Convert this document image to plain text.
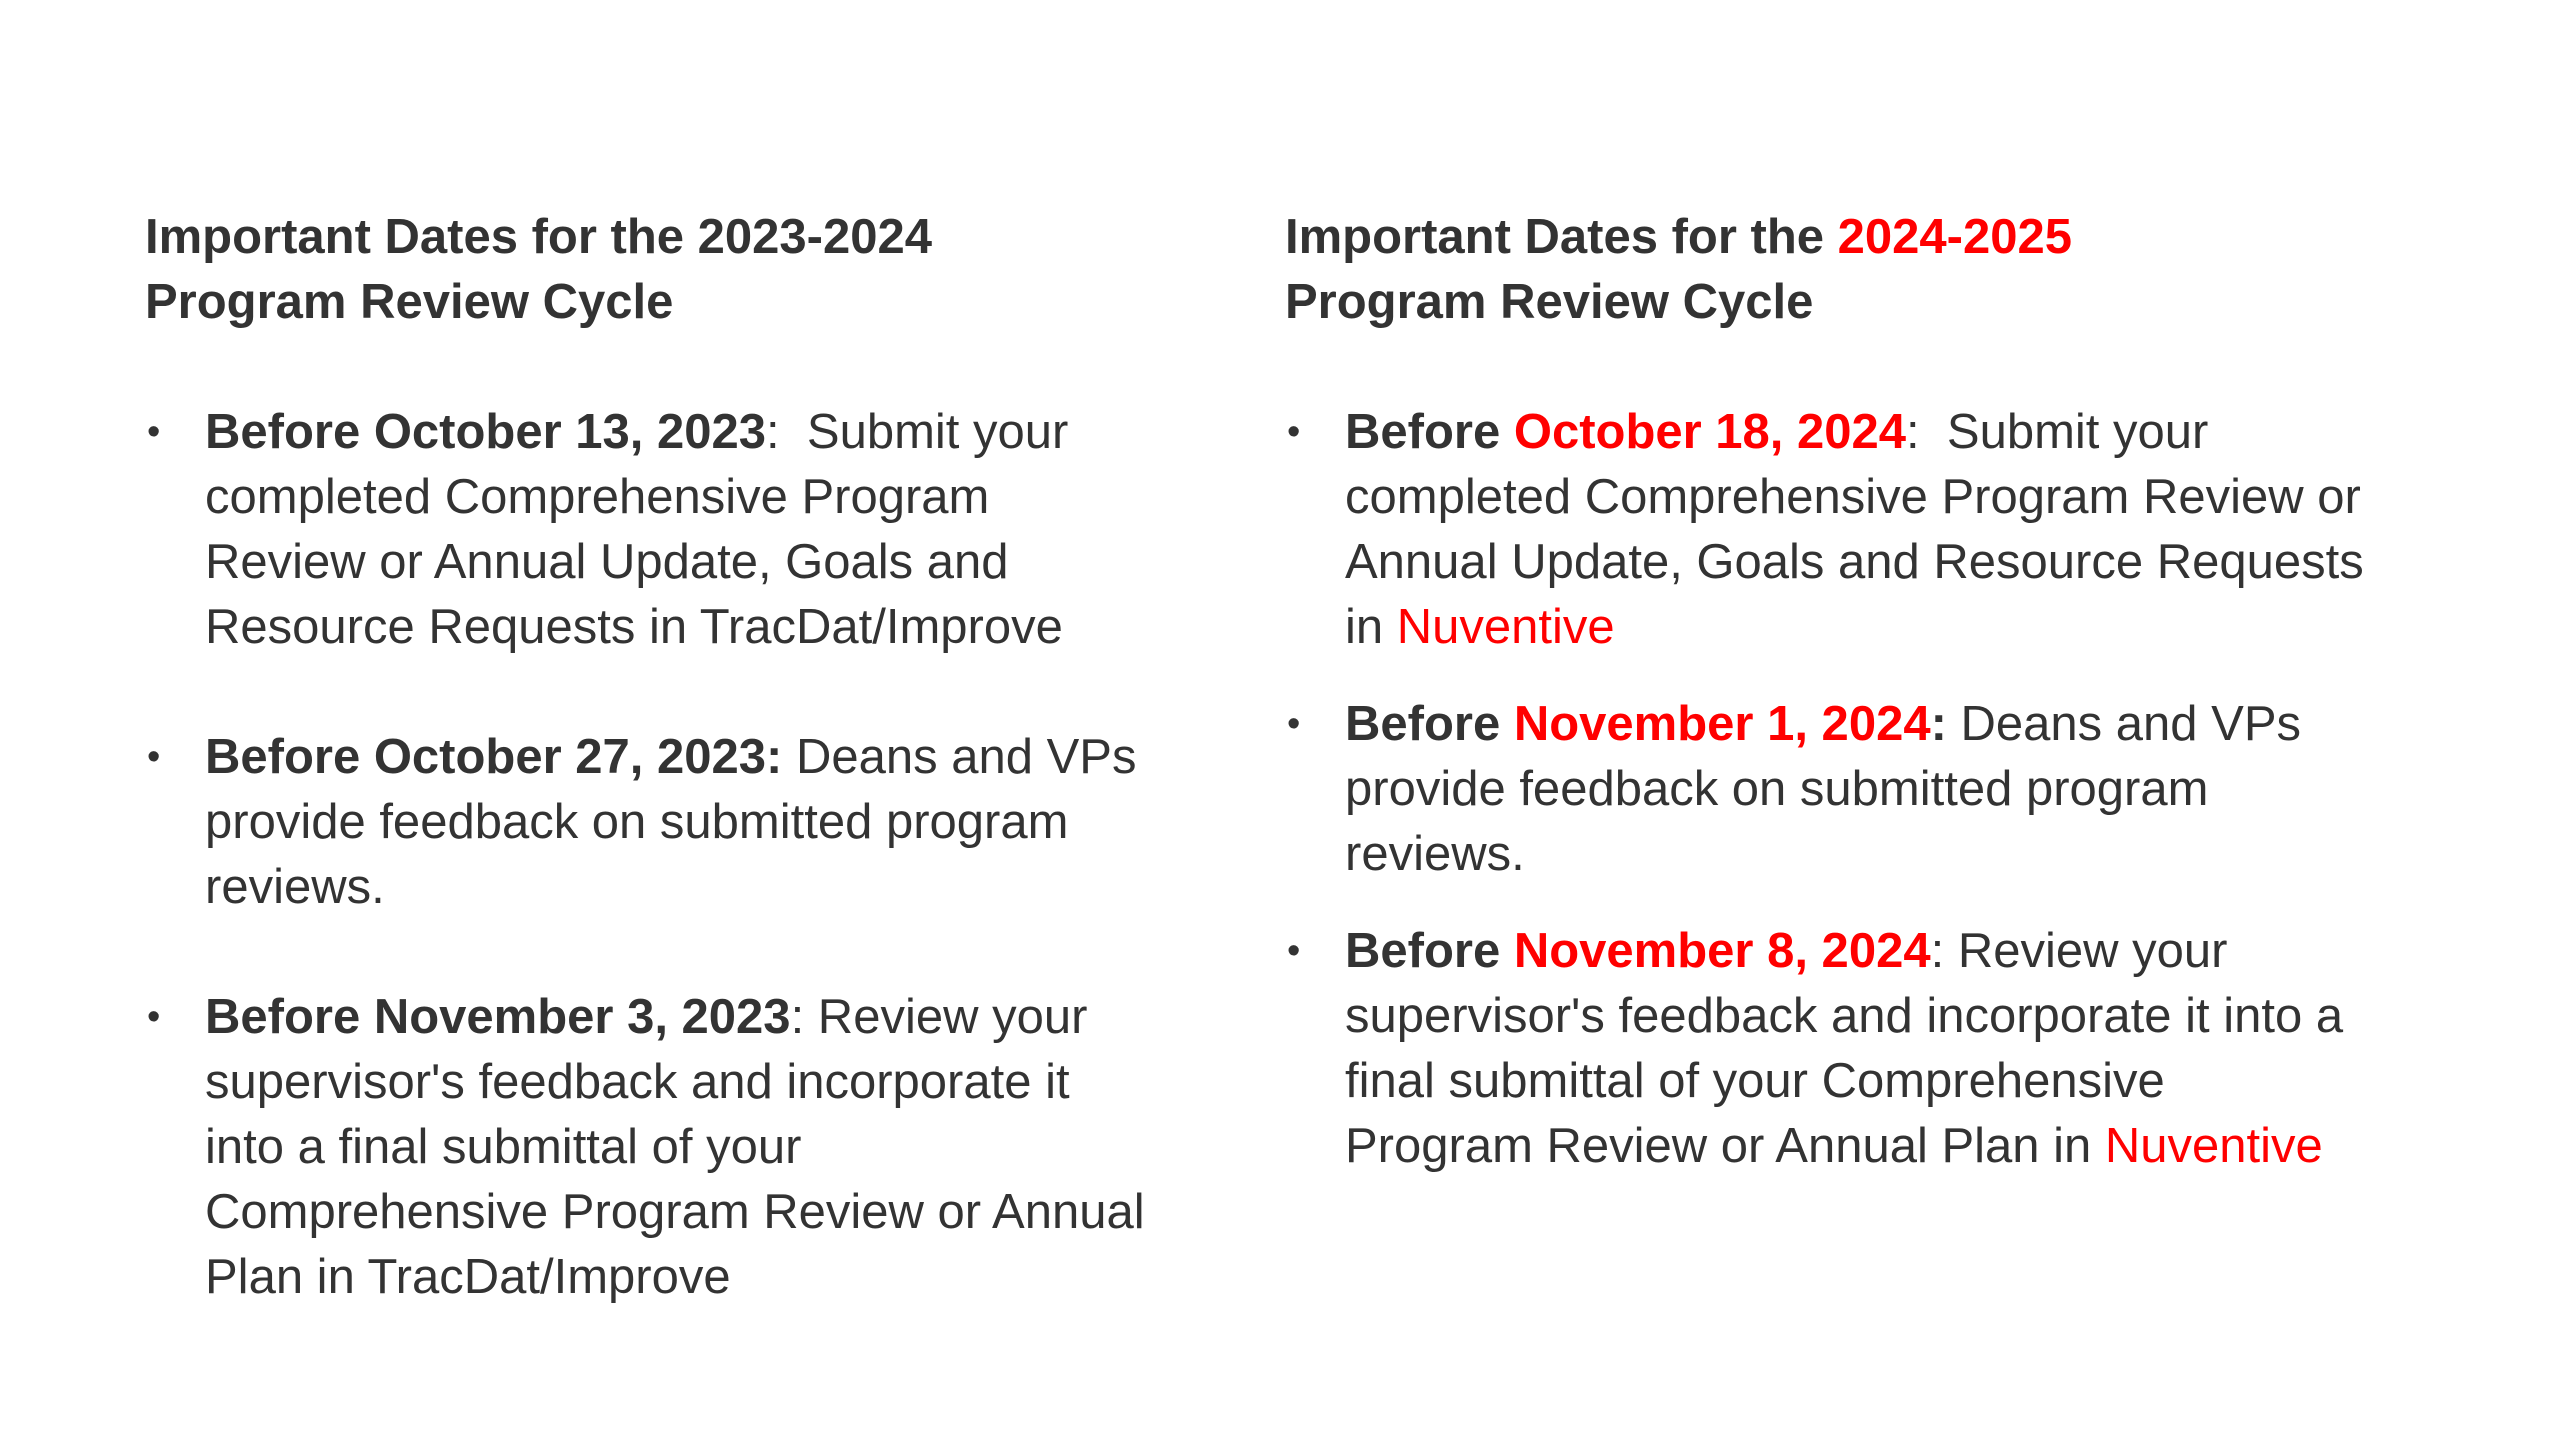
Important Dates for the 2023-2024
Program Review Cycle
• Before October 13, 2023:  Submit your completed Comprehensive Program Review or Annual Update, Goals and Resource Requests in TracDat/Improve
• Before October 27, 2023: Deans and VPs provide feedback on submitted program reviews.
• Before November 3, 2023: Review your supervisor's feedback and incorporate it into a final submittal of your Comprehensive Program Review or Annual Plan in TracDat/Improve
Important Dates for the 2024-2025
Program Review Cycle
• Before October 18, 2024:  Submit your completed Comprehensive Program Review or Annual Update, Goals and Resource Requests in Nuventive
• Before November 1, 2024: Deans and VPs provide feedback on submitted program reviews.
• Before November 8, 2024: Review your supervisor's feedback and incorporate it into a final submittal of your Comprehensive Program Review or Annual Plan in Nuventive
